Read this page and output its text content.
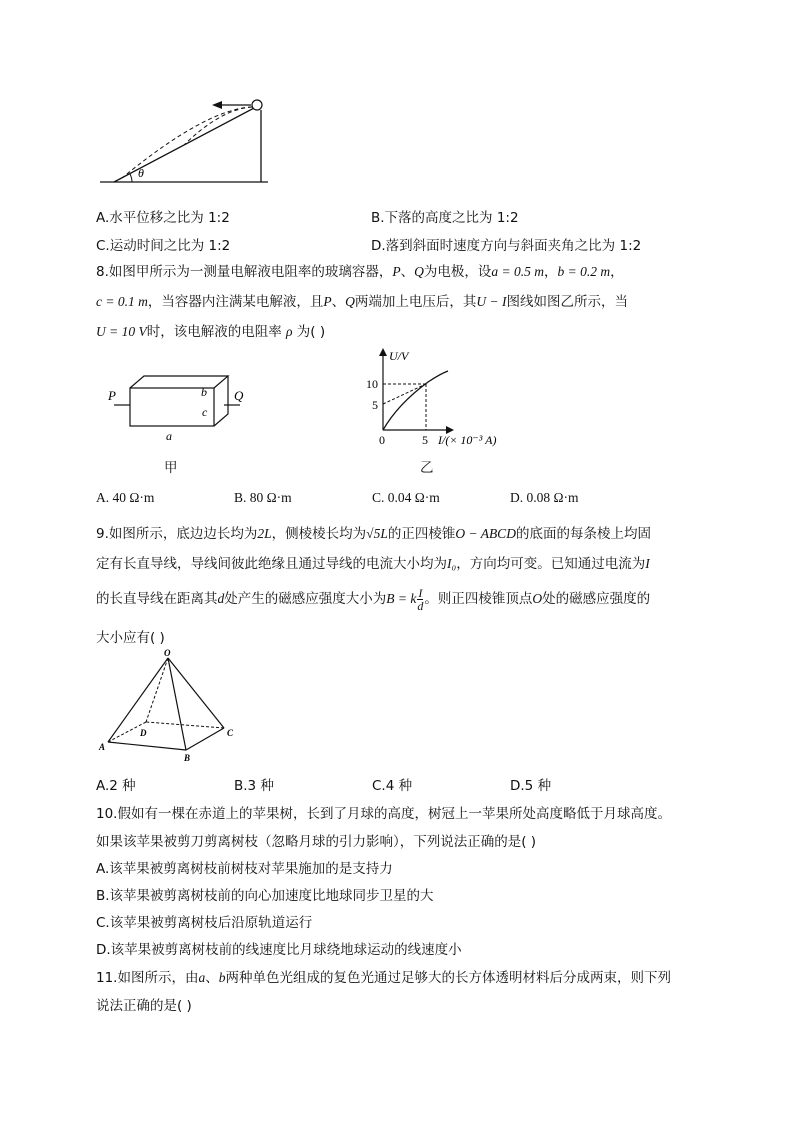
θ
A.水平位移之比为 1:2	B.下落的高度之比为 1:2
C.运动时间之比为 1:2	D.落到斜面时速度方向与斜面夹角之比为 1:2
8.如图甲所示为一测量电解液电阻率的玻璃容器，P、Q为电极，设a = 0.5 m，b = 0.2 m，
c = 0.1 m，当容器内注满某电解液，且P、Q两端加上电压后，其U − I图线如图乙所示，当
U = 10 V时，该电解液的电阻率 ρ 为( )
P	Q
b
c
a
甲
U/V
10
5
0	5 I/(× 10⁻³ A)
乙
A. 40 Ω·m	B. 80 Ω·m	C. 0.04 Ω·m	D. 0.08 Ω·m
9.如图所示，底边边长均为2L，侧棱棱长均为√5L的正四棱锥O − ABCD的底面的每条棱上均固
定有长直导线，导线间彼此绝缘且通过导线的电流大小均为I₀，方向均可变。已知通过电流为I
的长直导线在距离其d处产生的磁感应强度大小为B = k $\frac{I}{d}$ 。则正四棱锥顶点O处的磁感应强度的
大小应有( )
O
A
B
C
D
A.2 种	B.3 种	C.4 种	D.5 种
10.假如有一棵在赤道上的苹果树，长到了月球的高度，树冠上一苹果所处高度略低于月球高度。
如果该苹果被剪刀剪离树枝（忽略月球的引力影响），下列说法正确的是( )
A.该苹果被剪离树枝前树枝对苹果施加的是支持力
B.该苹果被剪离树枝前的向心加速度比地球同步卫星的大
C.该苹果被剪离树枝后沿原轨道运行
D.该苹果被剪离树枝前的线速度比月球绕地球运动的线速度小
11.如图所示，由a、b两种单色光组成的复色光通过足够大的长方体透明材料后分成两束，则下列
说法正确的是( )
